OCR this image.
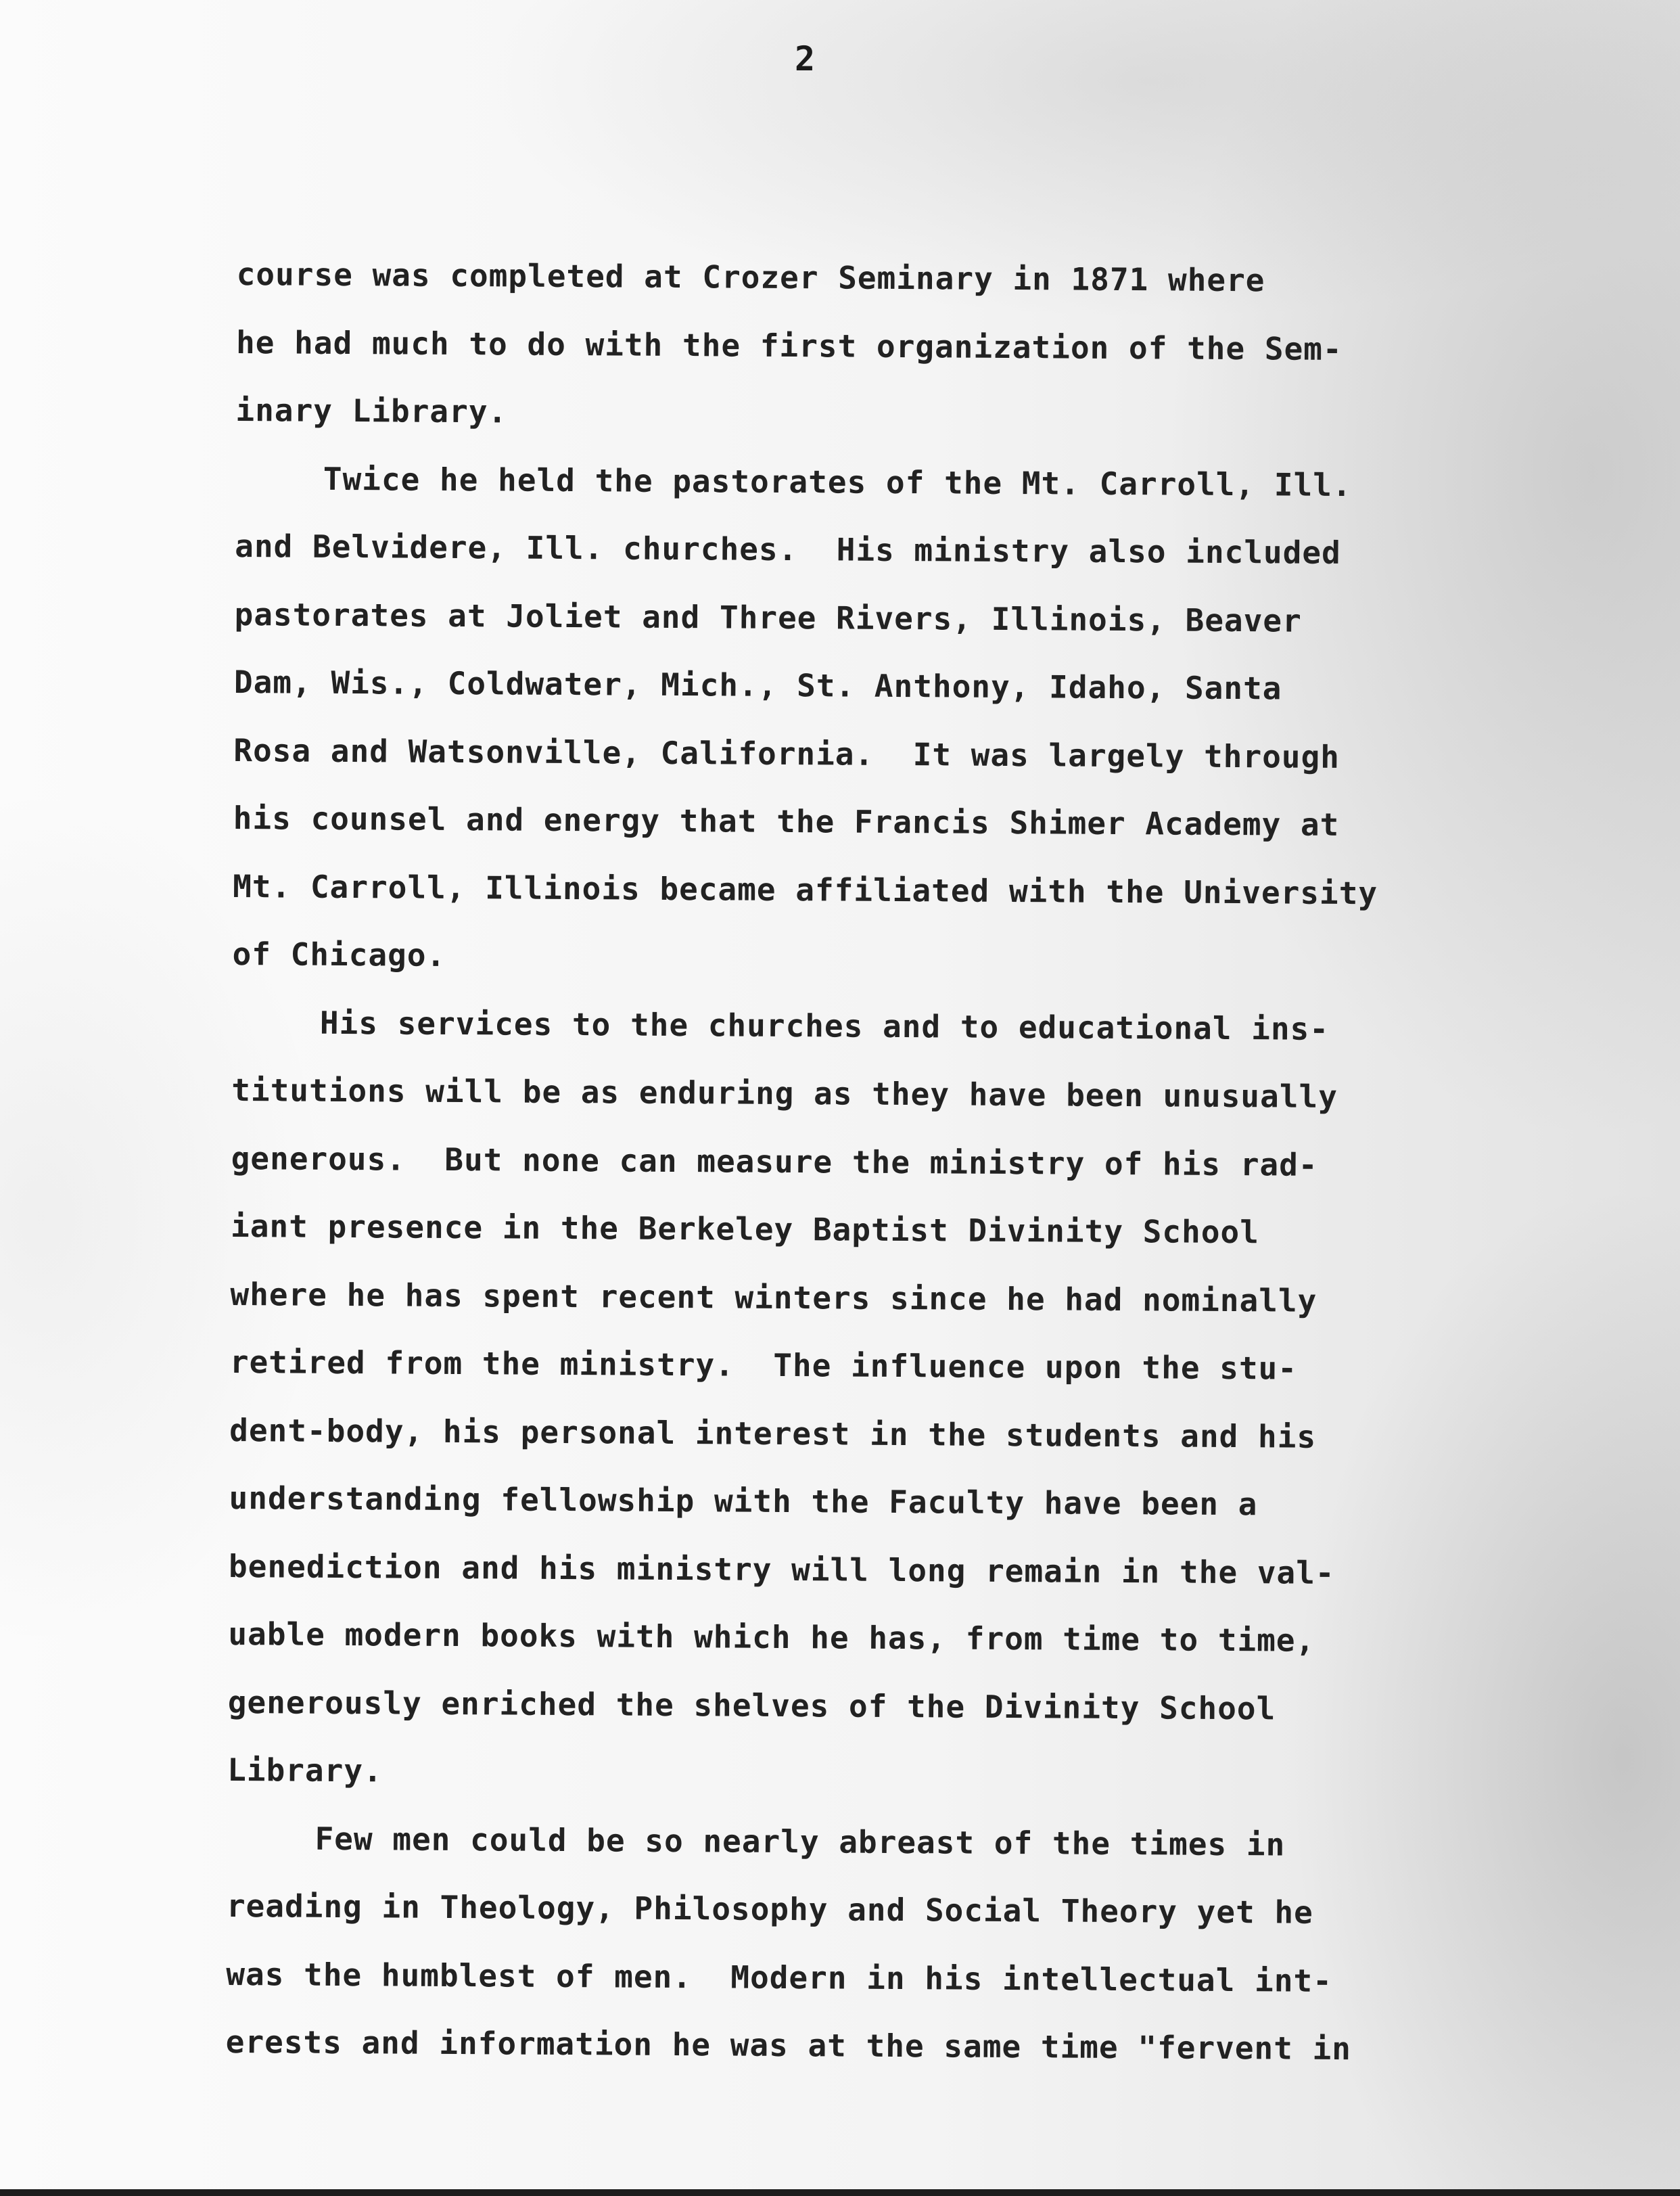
2
course was completed at Crozer Seminary in 1871 where
he had much to do with the first organization of the Sem-
inary Library.
Twice he held the pastorates of the Mt. Carroll, Ill.
and Belvidere, Ill. churches.  His ministry also included
pastorates at Joliet and Three Rivers, Illinois, Beaver
Dam, Wis., Coldwater, Mich., St. Anthony, Idaho, Santa
Rosa and Watsonville, California.  It was largely through
his counsel and energy that the Francis Shimer Academy at
Mt. Carroll, Illinois became affiliated with the University
of Chicago.
His services to the churches and to educational ins-
titutions will be as enduring as they have been unusually
generous.  But none can measure the ministry of his rad-
iant presence in the Berkeley Baptist Divinity School
where he has spent recent winters since he had nominally
retired from the ministry.  The influence upon the stu-
dent-body, his personal interest in the students and his
understanding fellowship with the Faculty have been a
benediction and his ministry will long remain in the val-
uable modern books with which he has, from time to time,
generously enriched the shelves of the Divinity School
Library.
Few men could be so nearly abreast of the times in
reading in Theology, Philosophy and Social Theory yet he
was the humblest of men.  Modern in his intellectual int-
erests and information he was at the same time "fervent in
